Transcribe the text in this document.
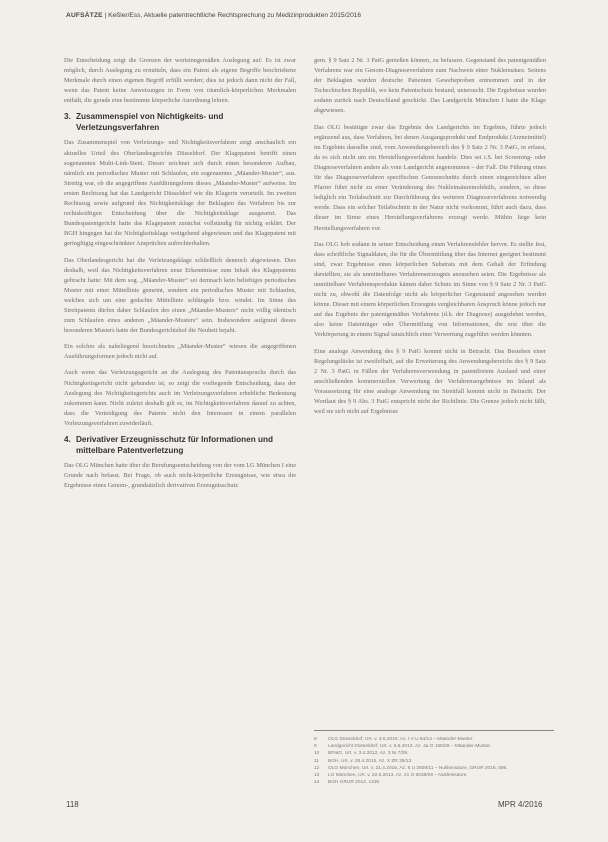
AUFSÄTZE | Keßler/Ess, Aktuelle patentrechtliche Rechtsprechung zu Medizinprodukten 2015/2016

Die Entscheidung zeigt die Grenzen der wortsinngemäßen Auslegung auf: Es ist zwar möglich, durch Auslegung zu ermitteln, dass ein Patent als eigene Begriffe beschriebene Merkmale durch einen eigenen Begriff erfüllt werden; dies ist jedoch dann nicht der Fall, wenn das Patent keine Anweisungen in Form von räumlich-körperlichen Merkmalen enthält, die gerade eine bestimmte körperliche Anordnung lehren.

3. Zusammenspiel von Nichtigkeits- und Verletzungsverfahren

Das Zusammenspiel von Verletzungs- und Nichtigkeitsverfahren zeigt anschaulich ein aktuelles Urteil des Oberlandesgerichts Düsseldorf. Der Klagepatent betrifft einen sogenannten Multi-Link-Stent. Dieser zeichnet sich durch einen besonderen Aufbau, nämlich ein periodisches Muster mit Schlaufen, ein sogenanntes „Mäander-Muster“, aus. Streitig war, ob die angegriffene Ausführungsform dieses „Mäander-Muster“ aufweise. Im ersten Rechtszug hat das Landgericht Düsseldorf wie die Klagerin verurteilt. Im zweiten Rechtszug sowie aufgrund des Nichtigkeitsklage der Beklagten das Verfahren bis zur rechtskräftigen Entscheidung über die Nichtigkeitsklage ausgesetzt. Das Bundespatentgericht hatte das Klagepatent zunächst vollständig für nichtig erklärt. Der BGH hingegen hat die Nichtigkeitsklage weitgehend abgewiesen und das Klagepatent mit geringfügig eingeschränkter Ansprüchen aufrechterhalten.

Das Oberlandesgericht hat die Verletzungsklage schließlich dennoch abgewiesen. Dies deshalb, weil das Nichtigkeitsverfahren neue Erkenntnisse zum Inhalt des Klagepatents gebracht hatte: Mit dem sog. „Mäander-Muster“ sei demnach kein beliebiges periodisches Muster mit einer Mittellinie gemeint, sondern ein periodisches Muster mit Schlaufen, welches sich um eine gedachte Mittellinie schlängele bzw. windet. Im Sinne des Streitpatents dürfen daher Schlaufen des einen „Mäander-Musters“ nicht völlig identisch zum Schlaufen eines anderen „Mäander-Musters“ sein. Insbesondere aufgrund dieses besonderen Musters hatte der Bundesgerichtshof die Neuheit bejaht.

Ein solches als naheliegend bezeichnetes „Mäander-Muster“ wiesen die angegriffenen Ausführungsformen jedoch nicht auf.

Auch wenn das Verletzungsgericht an die Auslegung des Patentanspruchs durch das Nichtigkeitsgericht nicht gebunden ist, so zeigt die vorliegende Entscheidung, dass der Auslegung des Nichtigkeitsgerichts auch im Verletzungsverfahren erhebliche Bedeutung zukommen kann. Nicht zuletzt deshalb gilt es, im Nichtigkeitsverfahren darauf zu achten, dass die Verteidigung des Patents nicht den Interessen in einem parallelen Verletzungsverfahren zuwiderläuft.

4. Derivativer Erzeugnisschutz für Informationen und mittelbare Patentverletzung

Das OLG München hatte über die Berufungsentscheidung von der vom LG München I eine Grunde nach befasst. Bei Frage, ob auch nicht-körperliche Erzeugnisse, wie etwa die Ergebnisse eines Genom-, grundsätzlich derivativen Erzeugnisschutz

gem. § 9 Satz 2 Nr. 3 PatG genießen können, zu befassen. Gegenstand des patentgemäßen Verfahrens war ein Genom-Diagnoseverfahren zum Nachweis einer Nukleinsäure. Seitens der Beklagten wurden deutsche Patienten Gewebeproben entnommen und in der Tschechischen Republik, wo kein Patentschutz bestand, untersucht. Die Ergebnisse wurden sodann zurück nach Deutschland geschickt. Das Landgericht München I hatte die Klage abgewiesen.

Das OLG bestätigte zwar das Ergebnis des Landgerichts im Ergebnis, führte jedoch ergänzend aus, dass Verfahren, bei denen Ausgangsprodukt und Endprodukt (Arzneimittel) im Ergebnis dasselbe sind, vom Anwendungsbereich des § 9 Satz 2 Nr. 3 PatG, in erfasst, da es sich nicht um ein Herstellungsverfahren handele. Dies sei i.S. bei Screening- oder Diagnoseverfahren anders als vom Landgericht angenommen – der Fall. Die Führung eines für das Diagnoseverfahren spezifischen Genomschnitts durch einen eingereichten allen Pfarrer führt nicht zu einer Veränderung des Nukleinsäuremoleküls, sondern, so diese lediglich ein Teilabschnitt zur Durchführung des weiteren Diagnoseverfahrens notwendig werde. Dass ein solcher Teilabschnitt in der Natur nicht vorkommt, führt auch dazu, dass dieser im Sinne eines Herstellungsverfahrens erzeugt werde. Mithin liege kein Herstellungsverfahren vor.

Das OLG hob sodann in seiner Entscheidung einen Verfahrensfehler hervor. Es stellte fest, dass schriftliche Signaldaten, die für die Übermittlung über das Internet geeignet bestimmt sind, zwar Ergebnisse eines körperlichen Substrats mit dem Gehalt der Erfindung darstellten, sie als unmittelbares Verfahrenserzeugnis anzusehen seien. Die Ergebnisse als unmittelbare Verfahrensprodukte kämen daher Schutz im Sinne von § 9 Satz 2 Nr. 3 PatG nicht zu, obwohl die Datenfolge nicht als körperlicher Gegenstand angesehen werden könne. Dieser mit einem körperlichen Erzeugnis vergleichbaren Anspruch könne jedoch nur auf das Ergebnis der patentgemäßen Verfahrens (d.h. der Diagnose) ausgedehnt werden, also keine Datenträger oder Übermittlung von Informationen, die erst über die Verkörperung in einem Signal tatsächlich einer Verwertung zugeführt werden könnten.

Eine analoge Anwendung des § 9 PatG kommt nicht in Betracht. Das Bestehen einer Regelungslücke ist zweifelhaft, auf die Erweiterung des Anwendungsbereichs des § 9 Satz 2 Nr. 3 PatG in Fällen der Verfahrensverwendung in patentfreiem Ausland und einer anschließenden kommerziellen Verwertung der Verfahrensergebnisse im Inland als Voraussetzung für eine analoge Anwendung im Streitfall kommt nicht in Betracht. Der Wortlaut des § 9 Abs. 3 PatG entspricht nicht der Richtlinie. Die Grenze jedoch nicht fällt, weil sie sich nicht auf Ergebnisse

8	OLG Düsseldorf, Urt. v. 3.6.2015, Az. I-2 U 64/13 – Mäander-Muster.
9	Landgericht Düsseldorf, Urt. v. 6.6.2013, Az. 4a O 155/09 – Mäander-Muster.
10	BPatG, Urt. v. 3.4.2012, Az. 3 Ni 7/09.
11	BGH, Urt. v. 28.4.2015, Az. X ZR 35/13.
12	OLG München, Urt. v. 21.4.2016, Az. 6 U 3929/11 – Nukleinsäure, GRUR 2016, 595.
13	LG München, Urt. v. 22.5.2013, Az. 21 O 6038/09 – Nukleinsäure.
14	BGH GRUR 2012, 1230.
118	MPR 4/2016
